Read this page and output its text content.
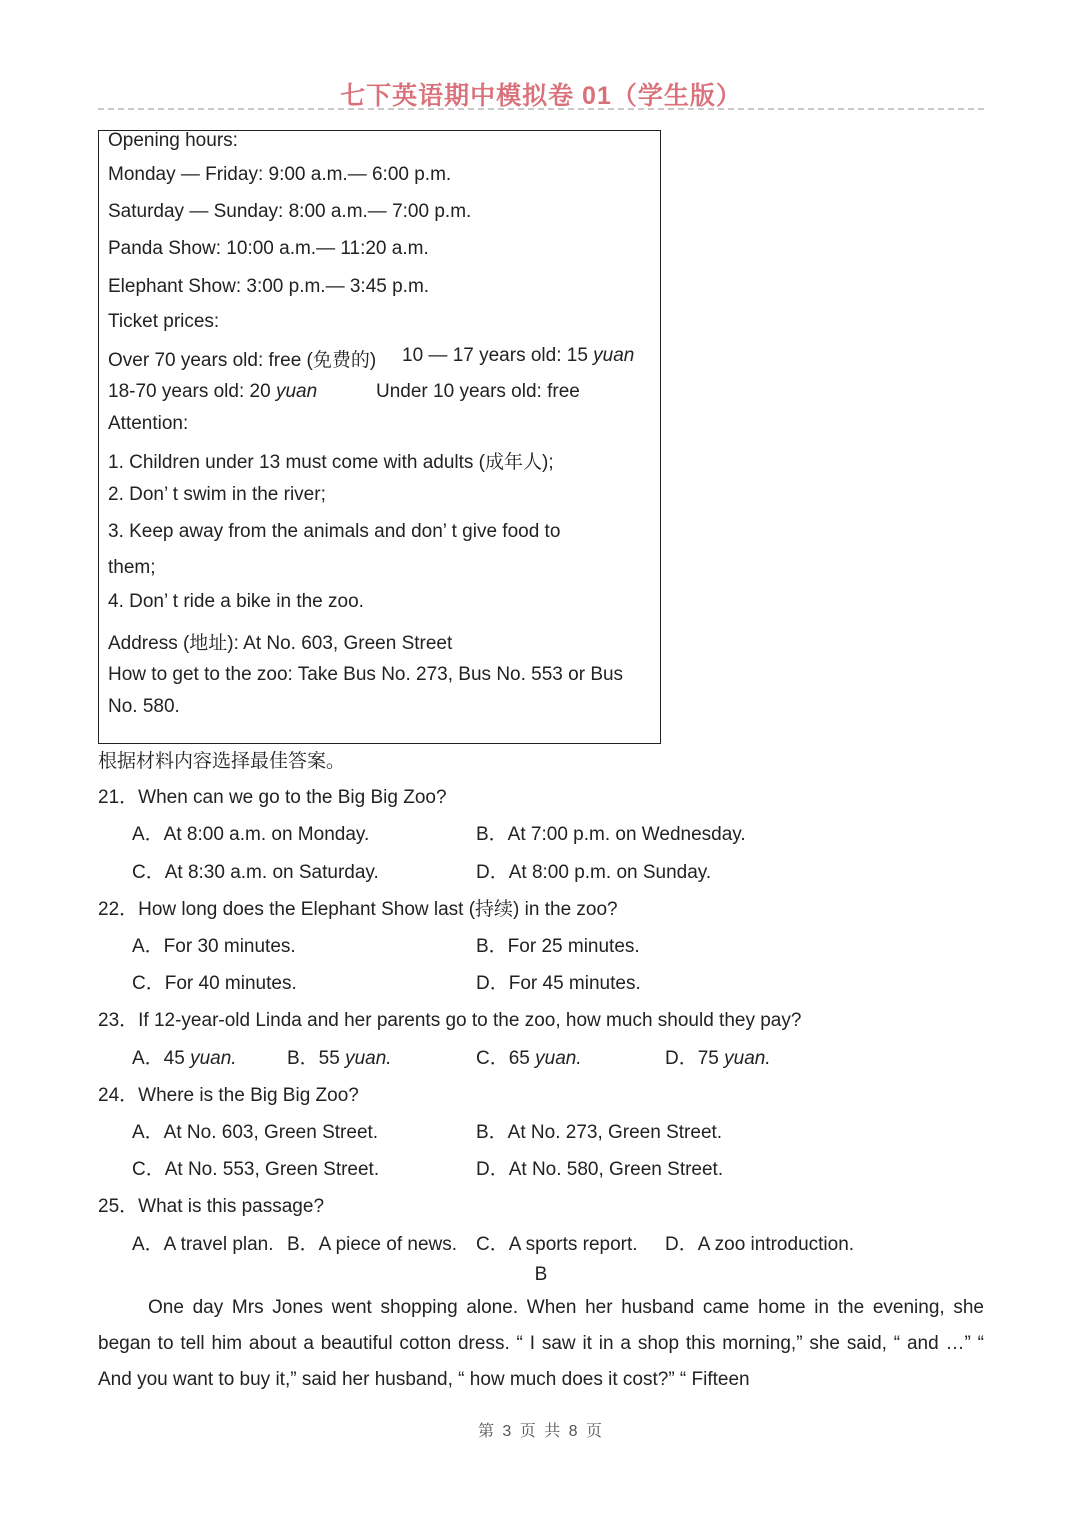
七下英语期中模拟卷 01（学生版）
Opening hours:
Monday — Friday: 9:00 a.m.— 6:00 p.m.
Saturday — Sunday: 8:00 a.m.— 7:00 p.m.
Panda Show: 10:00 a.m.— 11:20 a.m.
Elephant Show: 3:00 p.m.— 3:45 p.m.
Ticket prices:
Over 70 years old: free (免费的) 10 — 17 years old: 15 yuan
18-70 years old: 20 yuan	Under 10 years old: free
Attention:
1. Children under 13 must come with adults (成年人);
2. Don’ t swim in the river;
3. Keep away from the animals and don’ t give food to
them;
4. Don’ t ride a bike in the zoo.
Address (地址): At No. 603, Green Street
How to get to the zoo: Take Bus No. 273, Bus No. 553 or Bus
No. 580.
根据材料内容选择最佳答案。
21．When can we go to the Big Big Zoo?
A．At 8:00 a.m. on Monday.	B．At 7:00 p.m. on Wednesday.
C．At 8:30 a.m. on Saturday.	D．At 8:00 p.m. on Sunday.
22．How long does the Elephant Show last (持续) in the zoo?
A．For 30 minutes.	B．For 25 minutes.
C．For 40 minutes.	D．For 45 minutes.
23．If 12-year-old Linda and her parents go to the zoo, how much should they pay?
A．45 yuan.	B．55 yuan.	C．65 yuan.	D．75 yuan.
24．Where is the Big Big Zoo?
A．At No. 603, Green Street.	B．At No. 273, Green Street.
C．At No. 553, Green Street.	D．At No. 580, Green Street.
25．What is this passage?
A．A travel plan. B．A piece of news. C．A sports report. D．A zoo introduction.
B
One day Mrs Jones went shopping alone. When her husband came home in the evening, she began to tell him about a beautiful cotton dress. “ I saw it in a shop this morning,” she said, “ and …” “ And you want to buy it,” said her husband, “ how much does it cost?” “ Fifteen
第 3 页 共 8 页
